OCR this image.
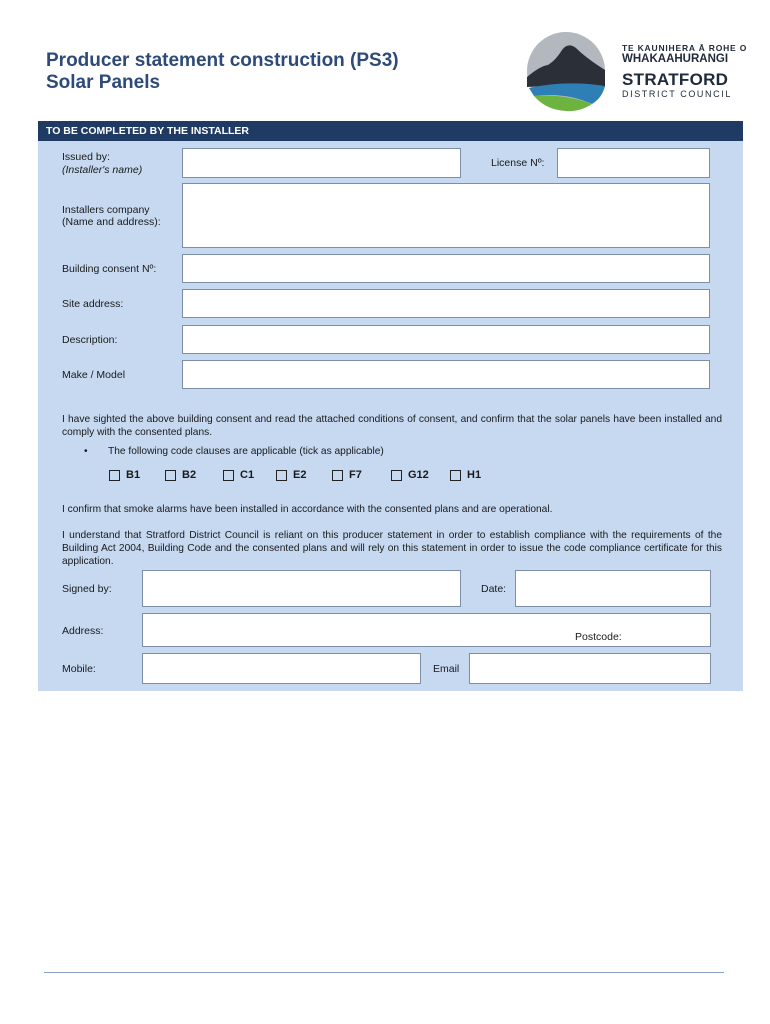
Producer statement construction (PS3)
Solar Panels
TE KAUNIHERA Ā ROHE O
WHAKAAHURANGI
STRATFORD
DISTRICT COUNCIL
TO BE COMPLETED BY THE INSTALLER
Issued by:
(Installer's name)
License Nº:
Installers company
(Name and address):
Building consent Nº:
Site address:
Description:
Make / Model
I have sighted the above building consent and read the attached conditions of consent, and confirm that the solar panels have been installed and comply with the consented plans.
• The following code clauses are applicable (tick as applicable)
B1	B2	C1	E2	F7	G12	H1
I confirm that smoke alarms have been installed in accordance with the consented plans and are operational.
I understand that Stratford District Council is reliant on this producer statement in order to establish compliance with the requirements of the Building Act 2004, Building Code and the consented plans and will rely on this statement in order to issue the code compliance certificate for this application.
Signed by:	Date:
Address:	Postcode:
Mobile:	Email
